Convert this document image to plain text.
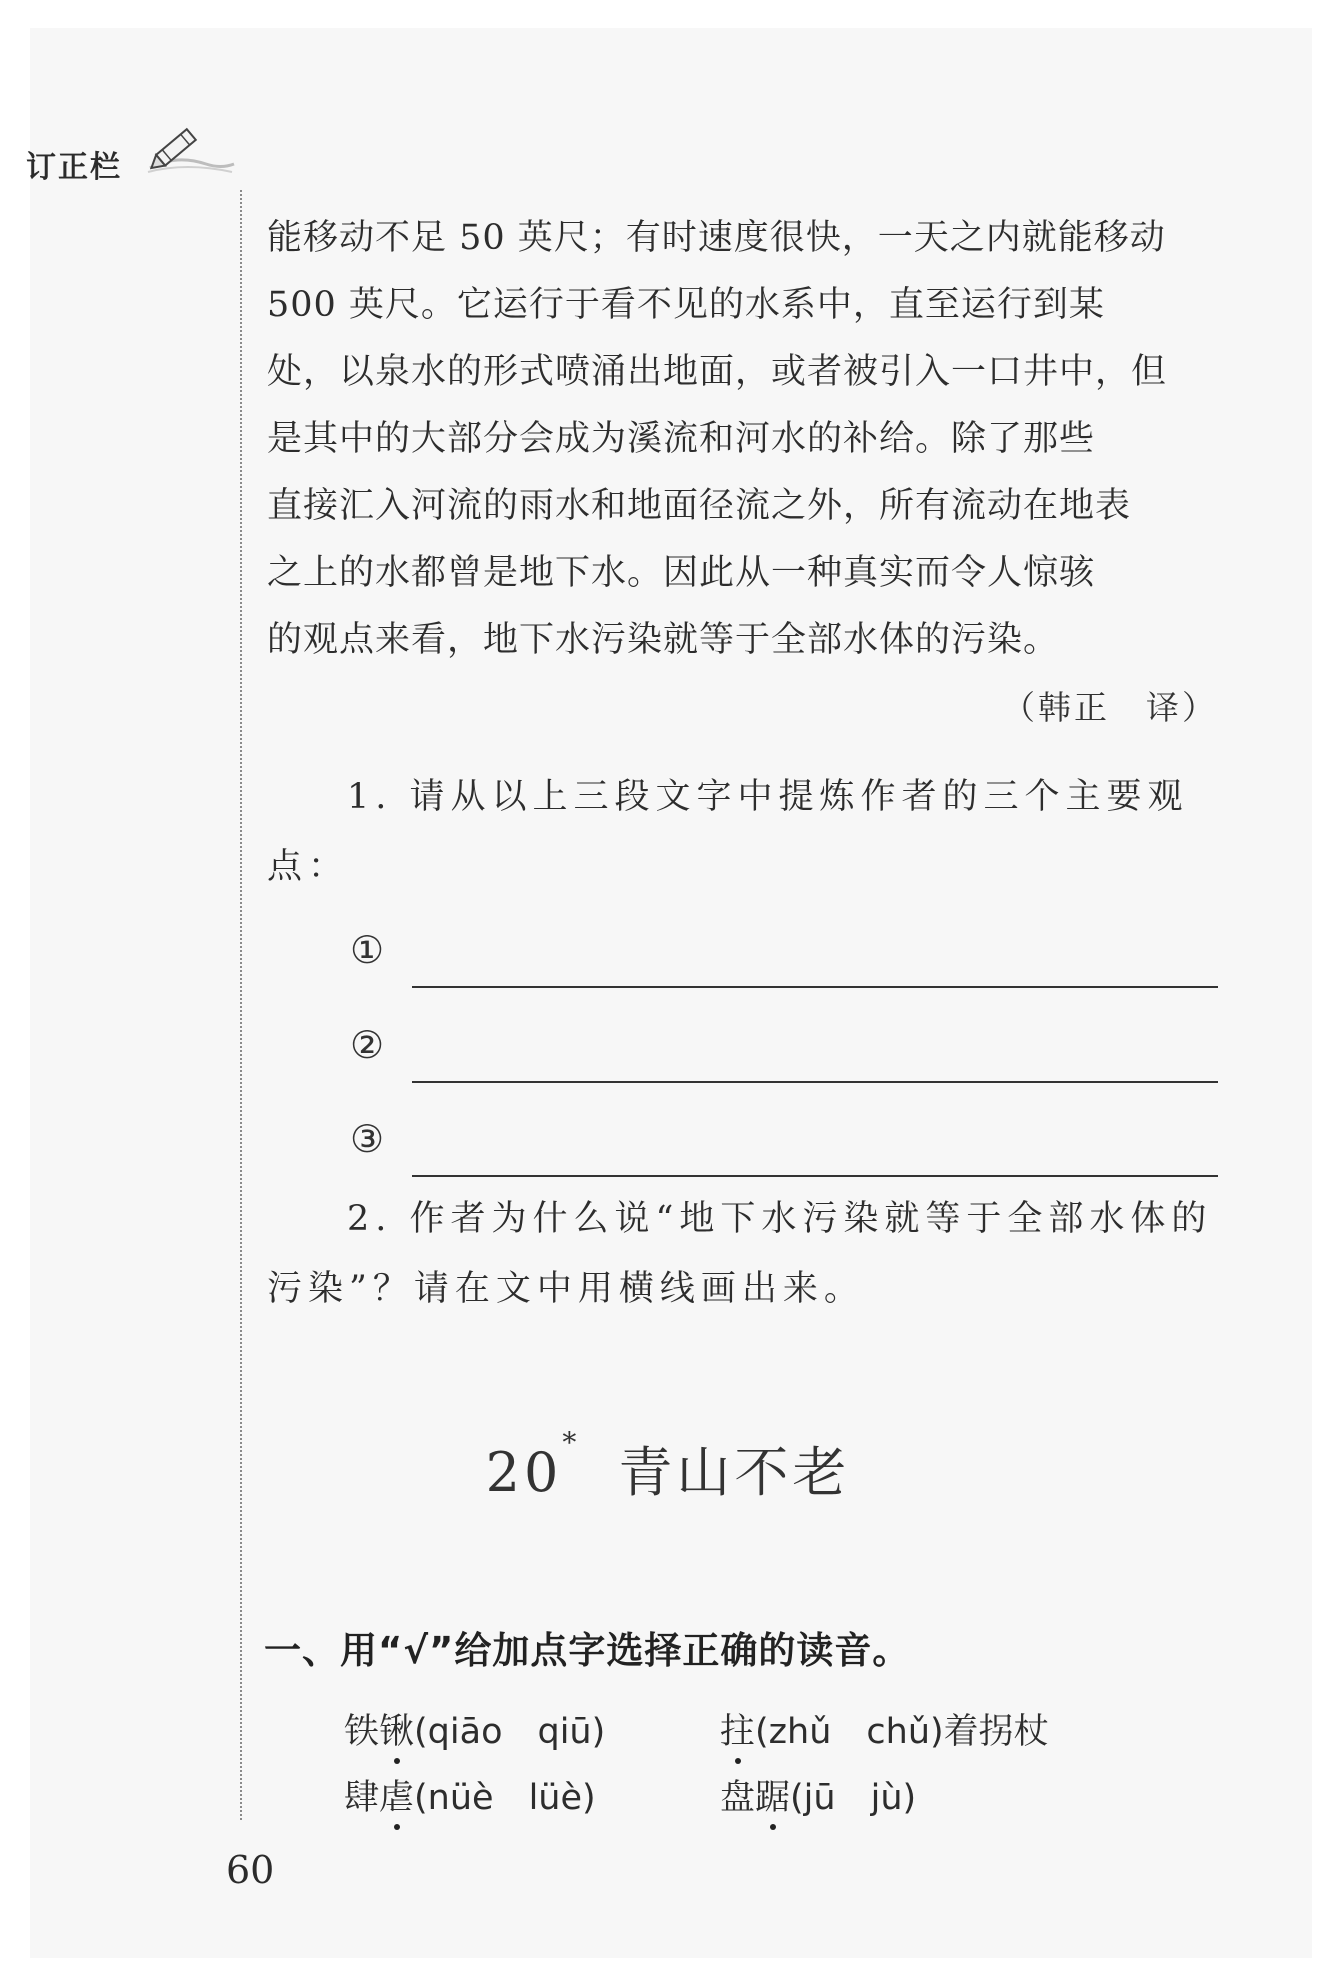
订正栏

能移动不足 50 英尺；有时速度很快，一天之内就能移动

500 英尺。它运行于看不见的水系中，直至运行到某

处，以泉水的形式喷涌出地面，或者被引入一口井中，但

是其中的大部分会成为溪流和河水的补给。除了那些

直接汇入河流的雨水和地面径流之外，所有流动在地表

之上的水都曾是地下水。因此从一种真实而令人惊骇

的观点来看，地下水污染就等于全部水体的污染。

（韩正　译）
1. 请从以上三段文字中提炼作者的三个主要观点：
①
②
③
2. 作者为什么说“地下水污染就等于全部水体的污染”？请在文中用横线画出来。
20* 青山不老
一、用“√”给加点字选择正确的读音。
铁锹(qiāo　qiū)	拄(zhǔ　chǔ)着拐杖
肆虐(nüè　lüè)	盘踞(jū　jù)
60
